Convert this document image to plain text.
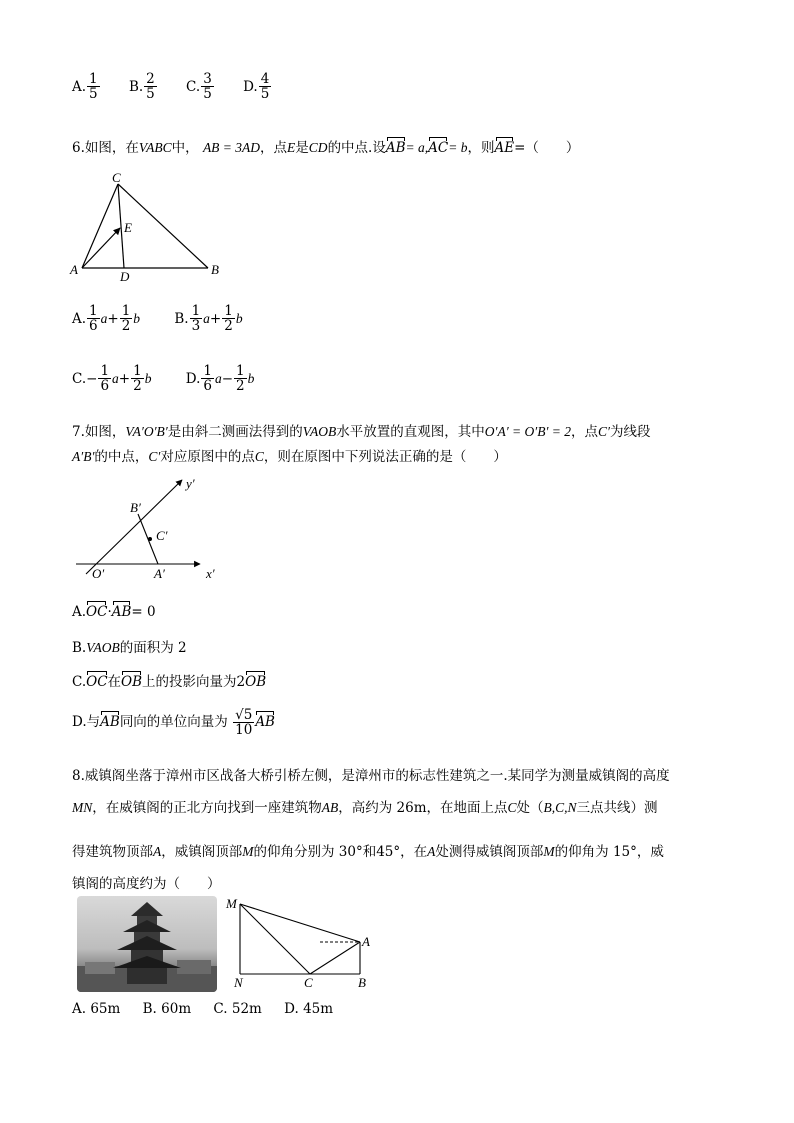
A. $\frac{1}{5}$
B. $\frac{2}{5}$
C. $\frac{3}{5}$
D. $\frac{4}{5}$
6.如图，在VABC中， AB = 3AD，点E是CD的中点.设AB= a,AC= b，则AE=（　　）
C
E
A	D	B
A. $\frac{1}{6}$ $a + \frac{1}{2}$ b
	B. $\frac{1}{3}$ $a + \frac{1}{2}$ b
C. − $\frac{1}{6}$ $a + \frac{1}{2}$ b
	D. $\frac{1}{6}$ $a - \frac{1}{2}$ b
7.如图，VA′O′B′是由斜二测画法得到的VAOB水平放置的直观图，其中O′A′ = O′B′ = 2，点C′为线段
A′B′的中点，C′对应原图中的点C，则在原图中下列说法正确的是（　　）
y′
B′
C′
O′	A′	x′
A.OC·AB= 0
B.VAOB的面积为 2
C.OC在OB上的投影向量为2OB
D.与AB同向的单位向量为 $\frac{√5}{10}$ AB
8.威镇阁坐落于漳州市区战备大桥引桥左侧，是漳州市的标志性建筑之一.某同学为测量威镇阁的高度
MN，在威镇阁的正北方向找到一座建筑物AB，高约为 26m，在地面上点C处（B,C,N三点共线）测
得建筑物顶部A，威镇阁顶部M的仰角分别为 30°和45°，在A处测得威镇阁顶部M的仰角为 15°，威
镇阁的高度约为（　　）
M
A
N	C	B
A.
65m
B.
60m
C.
52m
D.
45m
